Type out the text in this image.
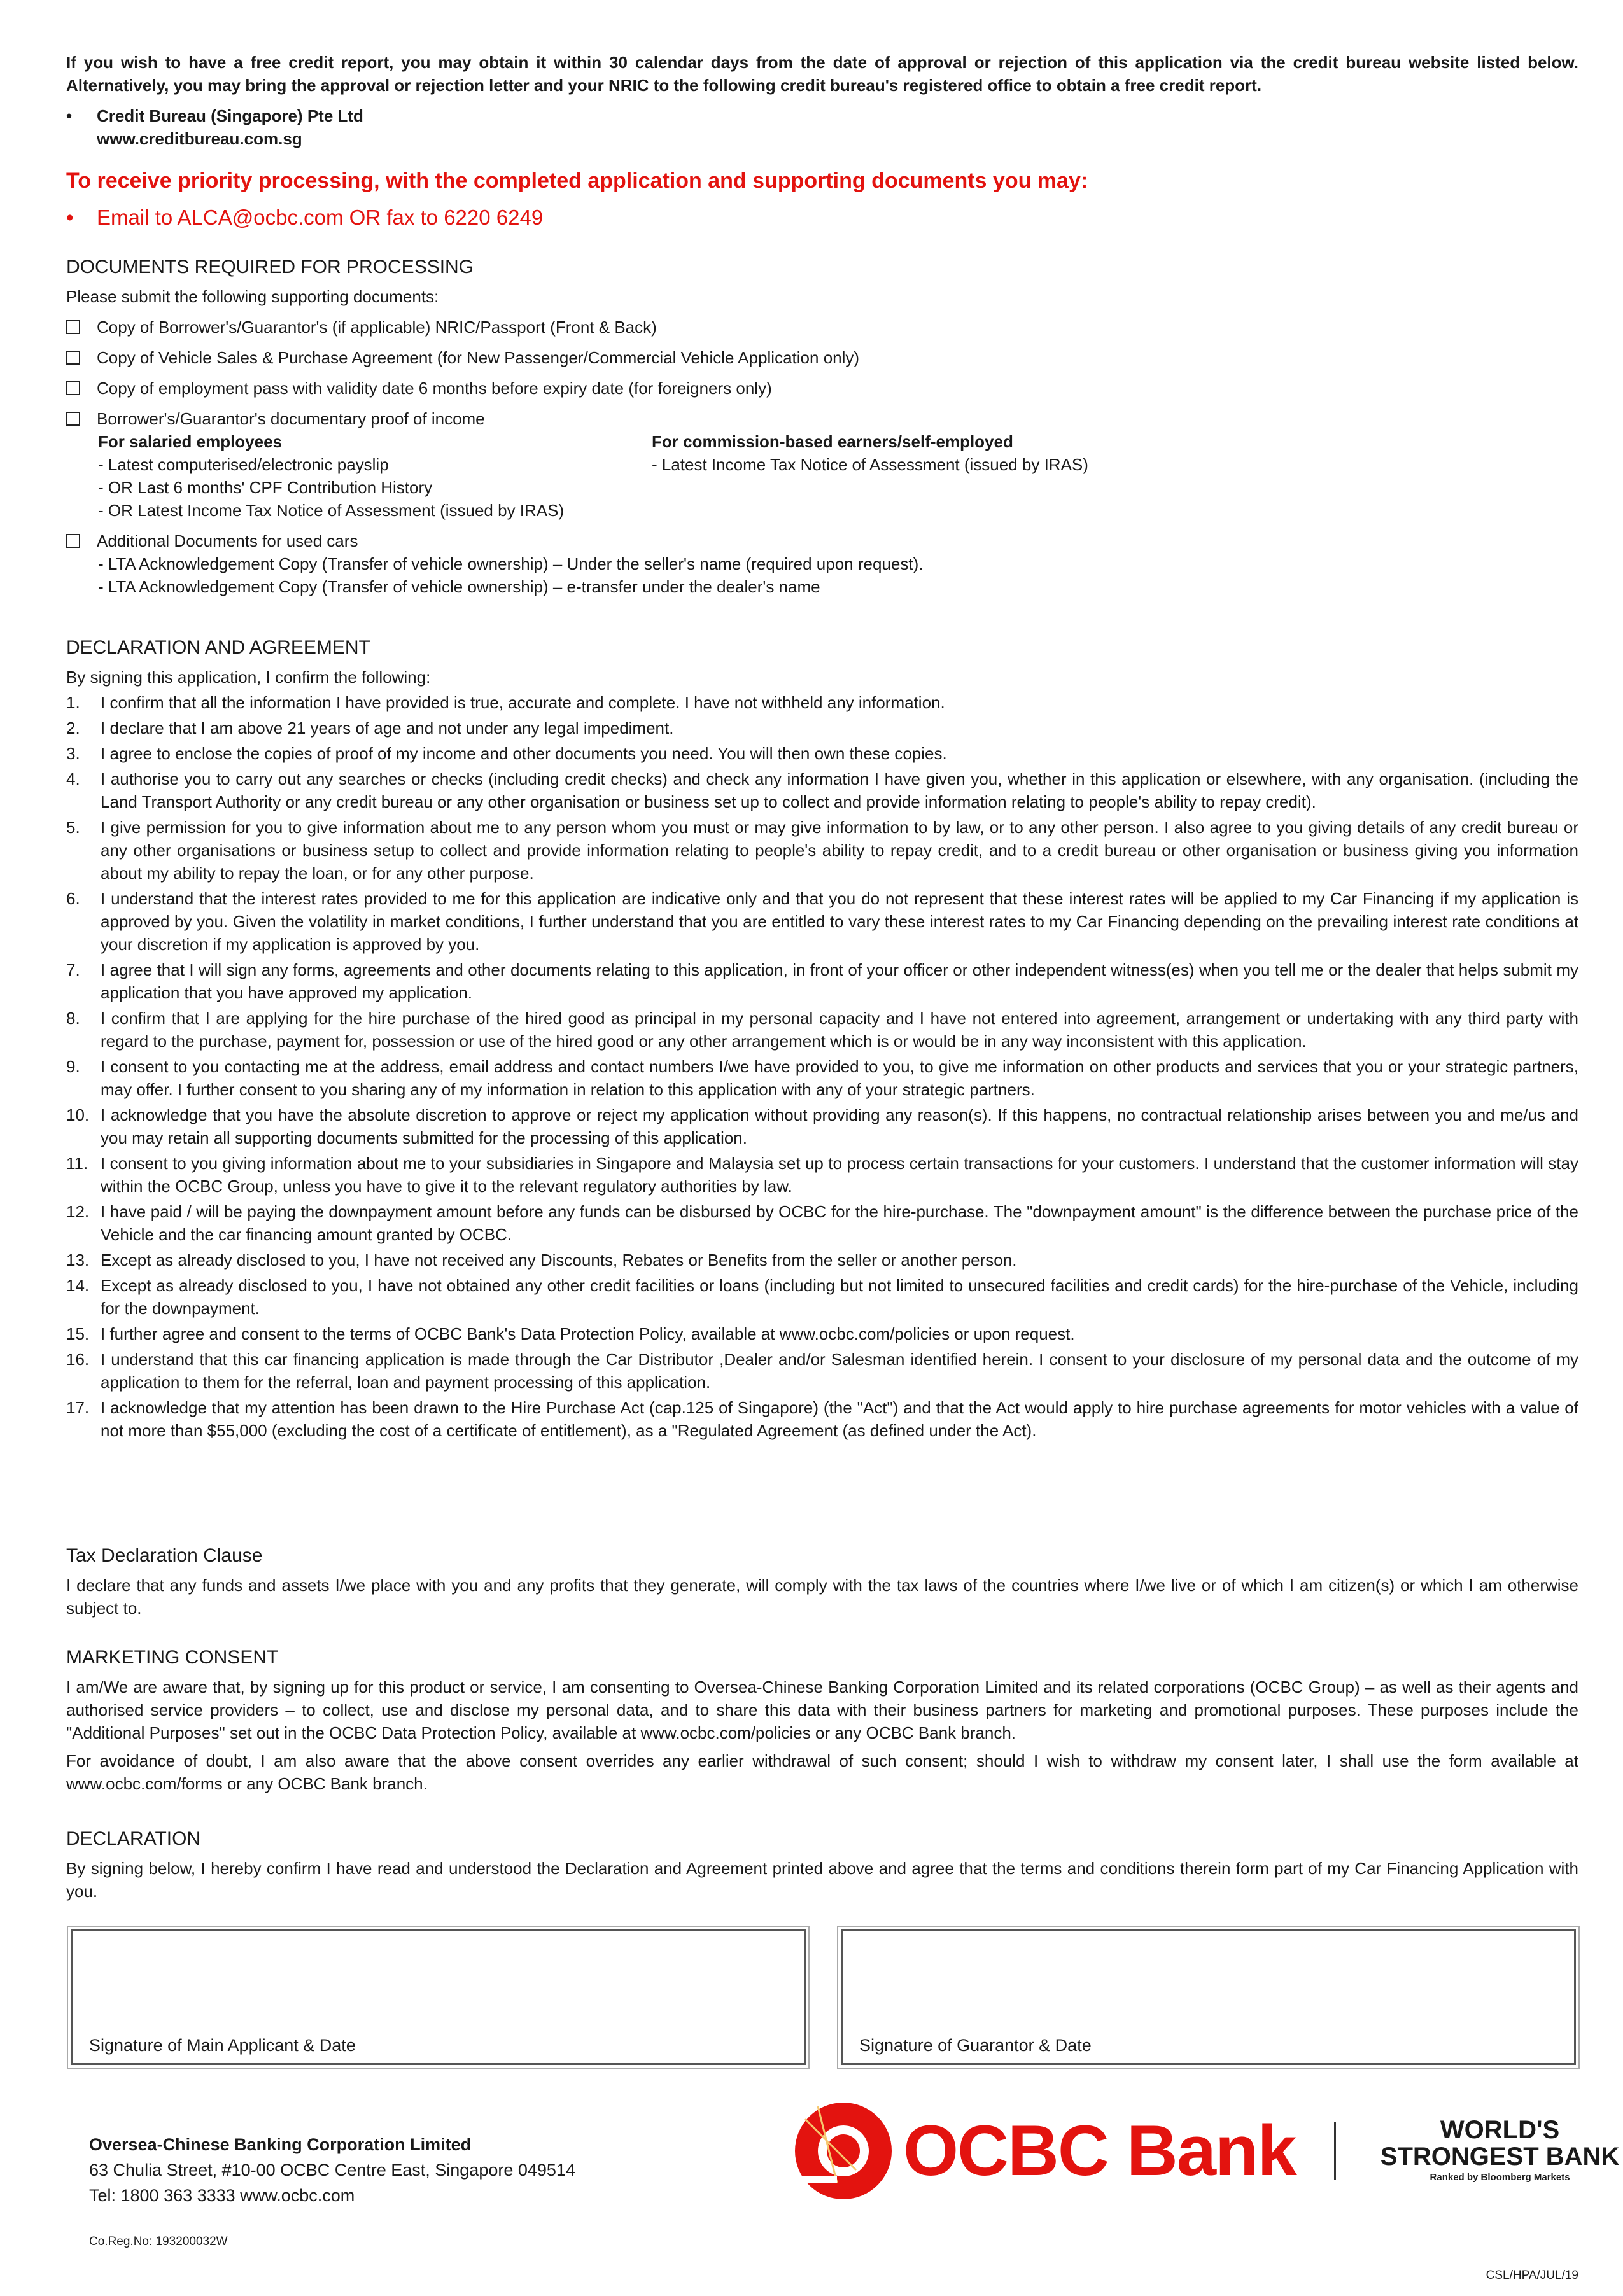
If you wish to have a free credit report, you may obtain it within 30 calendar days from the date of approval or rejection of this application via the credit bureau website listed below. Alternatively, you may bring the approval or rejection letter and your NRIC to the following credit bureau's registered office to obtain a free credit report.

•	Credit Bureau (Singapore) Pte Ltd
www.creditbureau.com.sg
To receive priority processing, with the completed application and supporting documents you may:
•	Email to ALCA@ocbc.com OR fax to 6220 6249
DOCUMENTS REQUIRED FOR PROCESSING
Please submit the following supporting documents:
Copy of Borrower's/Guarantor's (if applicable) NRIC/Passport (Front & Back)
Copy of Vehicle Sales & Purchase Agreement (for New Passenger/Commercial Vehicle Application only)
Copy of employment pass with validity date 6 months before expiry date (for foreigners only)
Borrower's/Guarantor's documentary proof of income
For salaried employees
- Latest computerised/electronic payslip
- OR Last 6 months' CPF Contribution History
- OR Latest Income Tax Notice of Assessment (issued by IRAS)
For commission-based earners/self-employed
- Latest Income Tax Notice of Assessment (issued by IRAS)
Additional Documents for used cars
- LTA Acknowledgement Copy (Transfer of vehicle ownership) – Under the seller's name (required upon request).
- LTA Acknowledgement Copy (Transfer of vehicle ownership) – e-transfer under the dealer's name
DECLARATION AND AGREEMENT
By signing this application, I confirm the following:
1.	I confirm that all the information I have provided is true, accurate and complete. I have not withheld any information.
2.	I declare that I am above 21 years of age and not under any legal impediment.
3.	I agree to enclose the copies of proof of my income and other documents you need. You will then own these copies.
4.	I authorise you to carry out any searches or checks (including credit checks) and check any information I have given you, whether in this application or elsewhere, with any organisation. (including the Land Transport Authority or any credit bureau or any other organisation or business set up to collect and provide information relating to people's ability to repay credit).
5.	I give permission for you to give information about me to any person whom you must or may give information to by law, or to any other person. I also agree to you giving details of any credit bureau or any other organisations or business setup to collect and provide information relating to people's ability to repay credit, and to a credit bureau or other organisation or business giving you information about my ability to repay the loan, or for any other purpose.
6.	I understand that the interest rates provided to me for this application are indicative only and that you do not represent that these interest rates will be applied to my Car Financing if my application is approved by you. Given the volatility in market conditions, I further understand that you are entitled to vary these interest rates to my Car Financing depending on the prevailing interest rate conditions at your discretion if my application is approved by you.
7.	I agree that I will sign any forms, agreements and other documents relating to this application, in front of your officer or other independent witness(es) when you tell me or the dealer that helps submit my application that you have approved my application.
8.	I confirm that I are applying for the hire purchase of the hired good as principal in my personal capacity and I have not entered into agreement, arrangement or undertaking with any third party with regard to the purchase, payment for, possession or use of the hired good or any other arrangement which is or would be in any way inconsistent with this application.
9.	I consent to you contacting me at the address, email address and contact numbers I/we have provided to you, to give me information on other products and services that you or your strategic partners, may offer. I further consent to you sharing any of my information in relation to this application with any of your strategic partners.
10. I acknowledge that you have the absolute discretion to approve or reject my application without providing any reason(s). If this happens, no contractual relationship arises between you and me/us and you may retain all supporting documents submitted for the processing of this application.
11. I consent to you giving information about me to your subsidiaries in Singapore and Malaysia set up to process certain transactions for your customers. I understand that the customer information will stay within the OCBC Group, unless you have to give it to the relevant regulatory authorities by law.
12. I have paid / will be paying the downpayment amount before any funds can be disbursed by OCBC for the hire-purchase. The "downpayment amount" is the difference between the purchase price of the Vehicle and the car financing amount granted by OCBC.
13. Except as already disclosed to you, I have not received any Discounts, Rebates or Benefits from the seller or another person.
14. Except as already disclosed to you, I have not obtained any other credit facilities or loans (including but not limited to unsecured facilities and credit cards) for the hire-purchase of the Vehicle, including for the downpayment.
15. I further agree and consent to the terms of OCBC Bank's Data Protection Policy, available at www.ocbc.com/policies or upon request.
16. I understand that this car financing application is made through the Car Distributor ,Dealer and/or Salesman identified herein. I consent to your disclosure of my personal data and the outcome of my application to them for the referral, loan and payment processing of this application.
17. I acknowledge that my attention has been drawn to the Hire Purchase Act (cap.125 of Singapore) (the "Act") and that the Act would apply to hire purchase agreements for motor vehicles with a value of not more than $55,000 (excluding the cost of a certificate of entitlement), as a "Regulated Agreement (as defined under the Act).
Tax Declaration Clause

I declare that any funds and assets I/we place with you and any profits that they generate, will comply with the tax laws of the countries where I/we live or of which I am citizen(s) or which I am otherwise subject to.

MARKETING CONSENT

I am/We are aware that, by signing up for this product or service, I am consenting to Oversea-Chinese Banking Corporation Limited and its related corporations (OCBC Group) – as well as their agents and authorised service providers – to collect, use and disclose my personal data, and to share this data with their business partners for marketing and promotional purposes. These purposes include the "Additional Purposes" set out in the OCBC Data Protection Policy, available at www.ocbc.com/policies or any OCBC Bank branch.

For avoidance of doubt, I am also aware that the above consent overrides any earlier withdrawal of such consent; should I wish to withdraw my consent later, I shall use the form available at www.ocbc.com/forms or any OCBC Bank branch.

DECLARATION

By signing below, I hereby confirm I have read and understood the Declaration and Agreement printed above and agree that the terms and conditions therein form part of my Car Financing Application with you.

Signature of Main Applicant & Date	Signature of Guarantor & Date
Oversea-Chinese Banking Corporation Limited
63 Chulia Street, #10-00 OCBC Centre East, Singapore 049514
Tel: 1800 363 3333 www.ocbc.com
Co.Reg.No: 193200032W
CSL/HPA/JUL/19
OCBC Bank	WORLD'S
STRONGEST BANK
Ranked by Bloomberg Markets
